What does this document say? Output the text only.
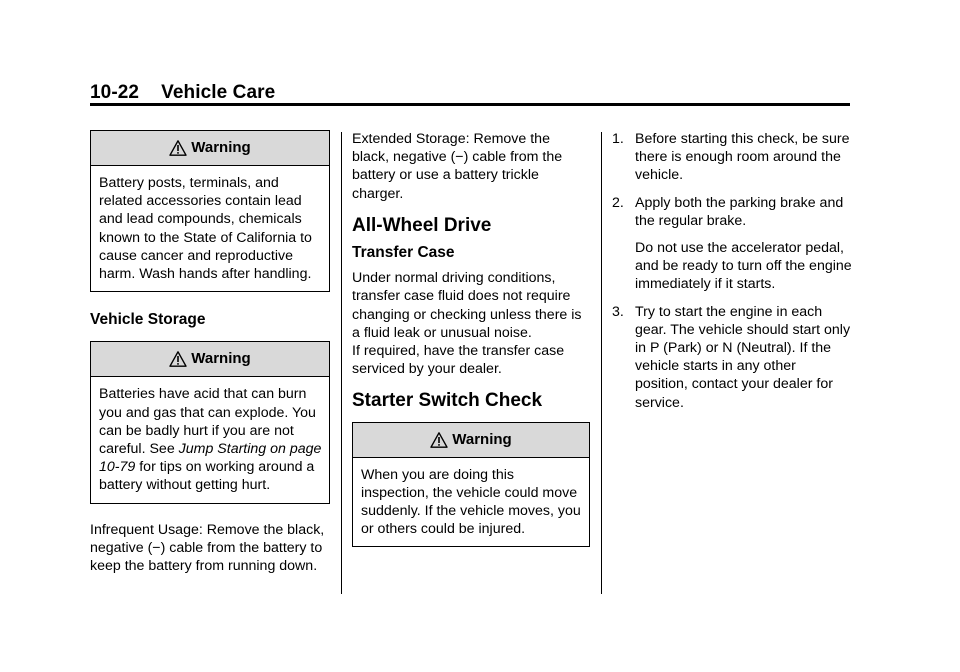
10-22 Vehicle Care
Warning
Battery posts, terminals, and related accessories contain lead and lead compounds, chemicals known to the State of California to cause cancer and reproductive harm. Wash hands after handling.
Vehicle Storage
Warning
Batteries have acid that can burn you and gas that can explode. You can be badly hurt if you are not careful. See Jump Starting on page 10-79 for tips on working around a battery without getting hurt.

Infrequent Usage: Remove the black, negative (−) cable from the battery to keep the battery from running down.

Extended Storage: Remove the black, negative (−) cable from the battery or use a battery trickle charger.

All-Wheel Drive
Transfer Case

Under normal driving conditions, transfer case fluid does not require changing or checking unless there is a fluid leak or unusual noise.

If required, have the transfer case serviced by your dealer.

Starter Switch Check
Warning
When you are doing this inspection, the vehicle could move suddenly. If the vehicle moves, you or others could be injured.
1. Before starting this check, be sure there is enough room around the vehicle.

2. Apply both the parking brake and the regular brake.

Do not use the accelerator pedal, and be ready to turn off the engine immediately if it starts.

3. Try to start the engine in each gear. The vehicle should start only in P (Park) or N (Neutral). If the vehicle starts in any other position, contact your dealer for service.
